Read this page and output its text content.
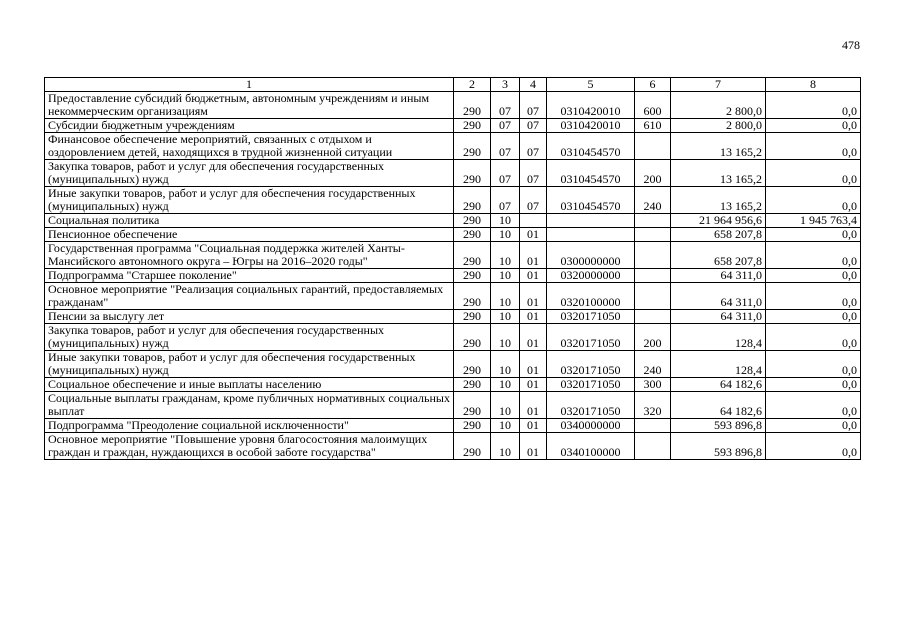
478
1	2	3	4	5	6	7	8
Предоставление субсидий бюджетным, автономным учреждениям и иным некоммерческим организациям	290	07	07	0310420010	600	2 800,0	0,0
Субсидии бюджетным учреждениям	290	07	07	0310420010	610	2 800,0	0,0
Финансовое обеспечение мероприятий, связанных с отдыхом и оздоровлением детей, находящихся в трудной жизненной ситуации	290	07	07	0310454570		13 165,2	0,0
Закупка товаров, работ и услуг для обеспечения государственных (муниципальных) нужд	290	07	07	0310454570	200	13 165,2	0,0
Иные закупки товаров, работ и услуг для обеспечения государственных (муниципальных) нужд	290	07	07	0310454570	240	13 165,2	0,0
Социальная политика	290	10				21 964 956,6	1 945 763,4
Пенсионное обеспечение	290	10	01			658 207,8	0,0
Государственная программа "Социальная поддержка жителей Ханты-Мансийского автономного округа – Югры на 2016–2020 годы"	290	10	01	0300000000		658 207,8	0,0
Подпрограмма "Старшее поколение"	290	10	01	0320000000		64 311,0	0,0
Основное мероприятие "Реализация социальных гарантий, предоставляемых гражданам"	290	10	01	0320100000		64 311,0	0,0
Пенсии за выслугу лет	290	10	01	0320171050		64 311,0	0,0
Закупка товаров, работ и услуг для обеспечения государственных (муниципальных) нужд	290	10	01	0320171050	200	128,4	0,0
Иные закупки товаров, работ и услуг для обеспечения государственных (муниципальных) нужд	290	10	01	0320171050	240	128,4	0,0
Социальное обеспечение и иные выплаты населению	290	10	01	0320171050	300	64 182,6	0,0
Социальные выплаты гражданам, кроме публичных нормативных социальных выплат	290	10	01	0320171050	320	64 182,6	0,0
Подпрограмма "Преодоление социальной исключенности"	290	10	01	0340000000		593 896,8	0,0
Основное мероприятие "Повышение уровня благосостояния малоимущих граждан и граждан, нуждающихся в особой заботе государства"	290	10	01	0340100000		593 896,8	0,0
